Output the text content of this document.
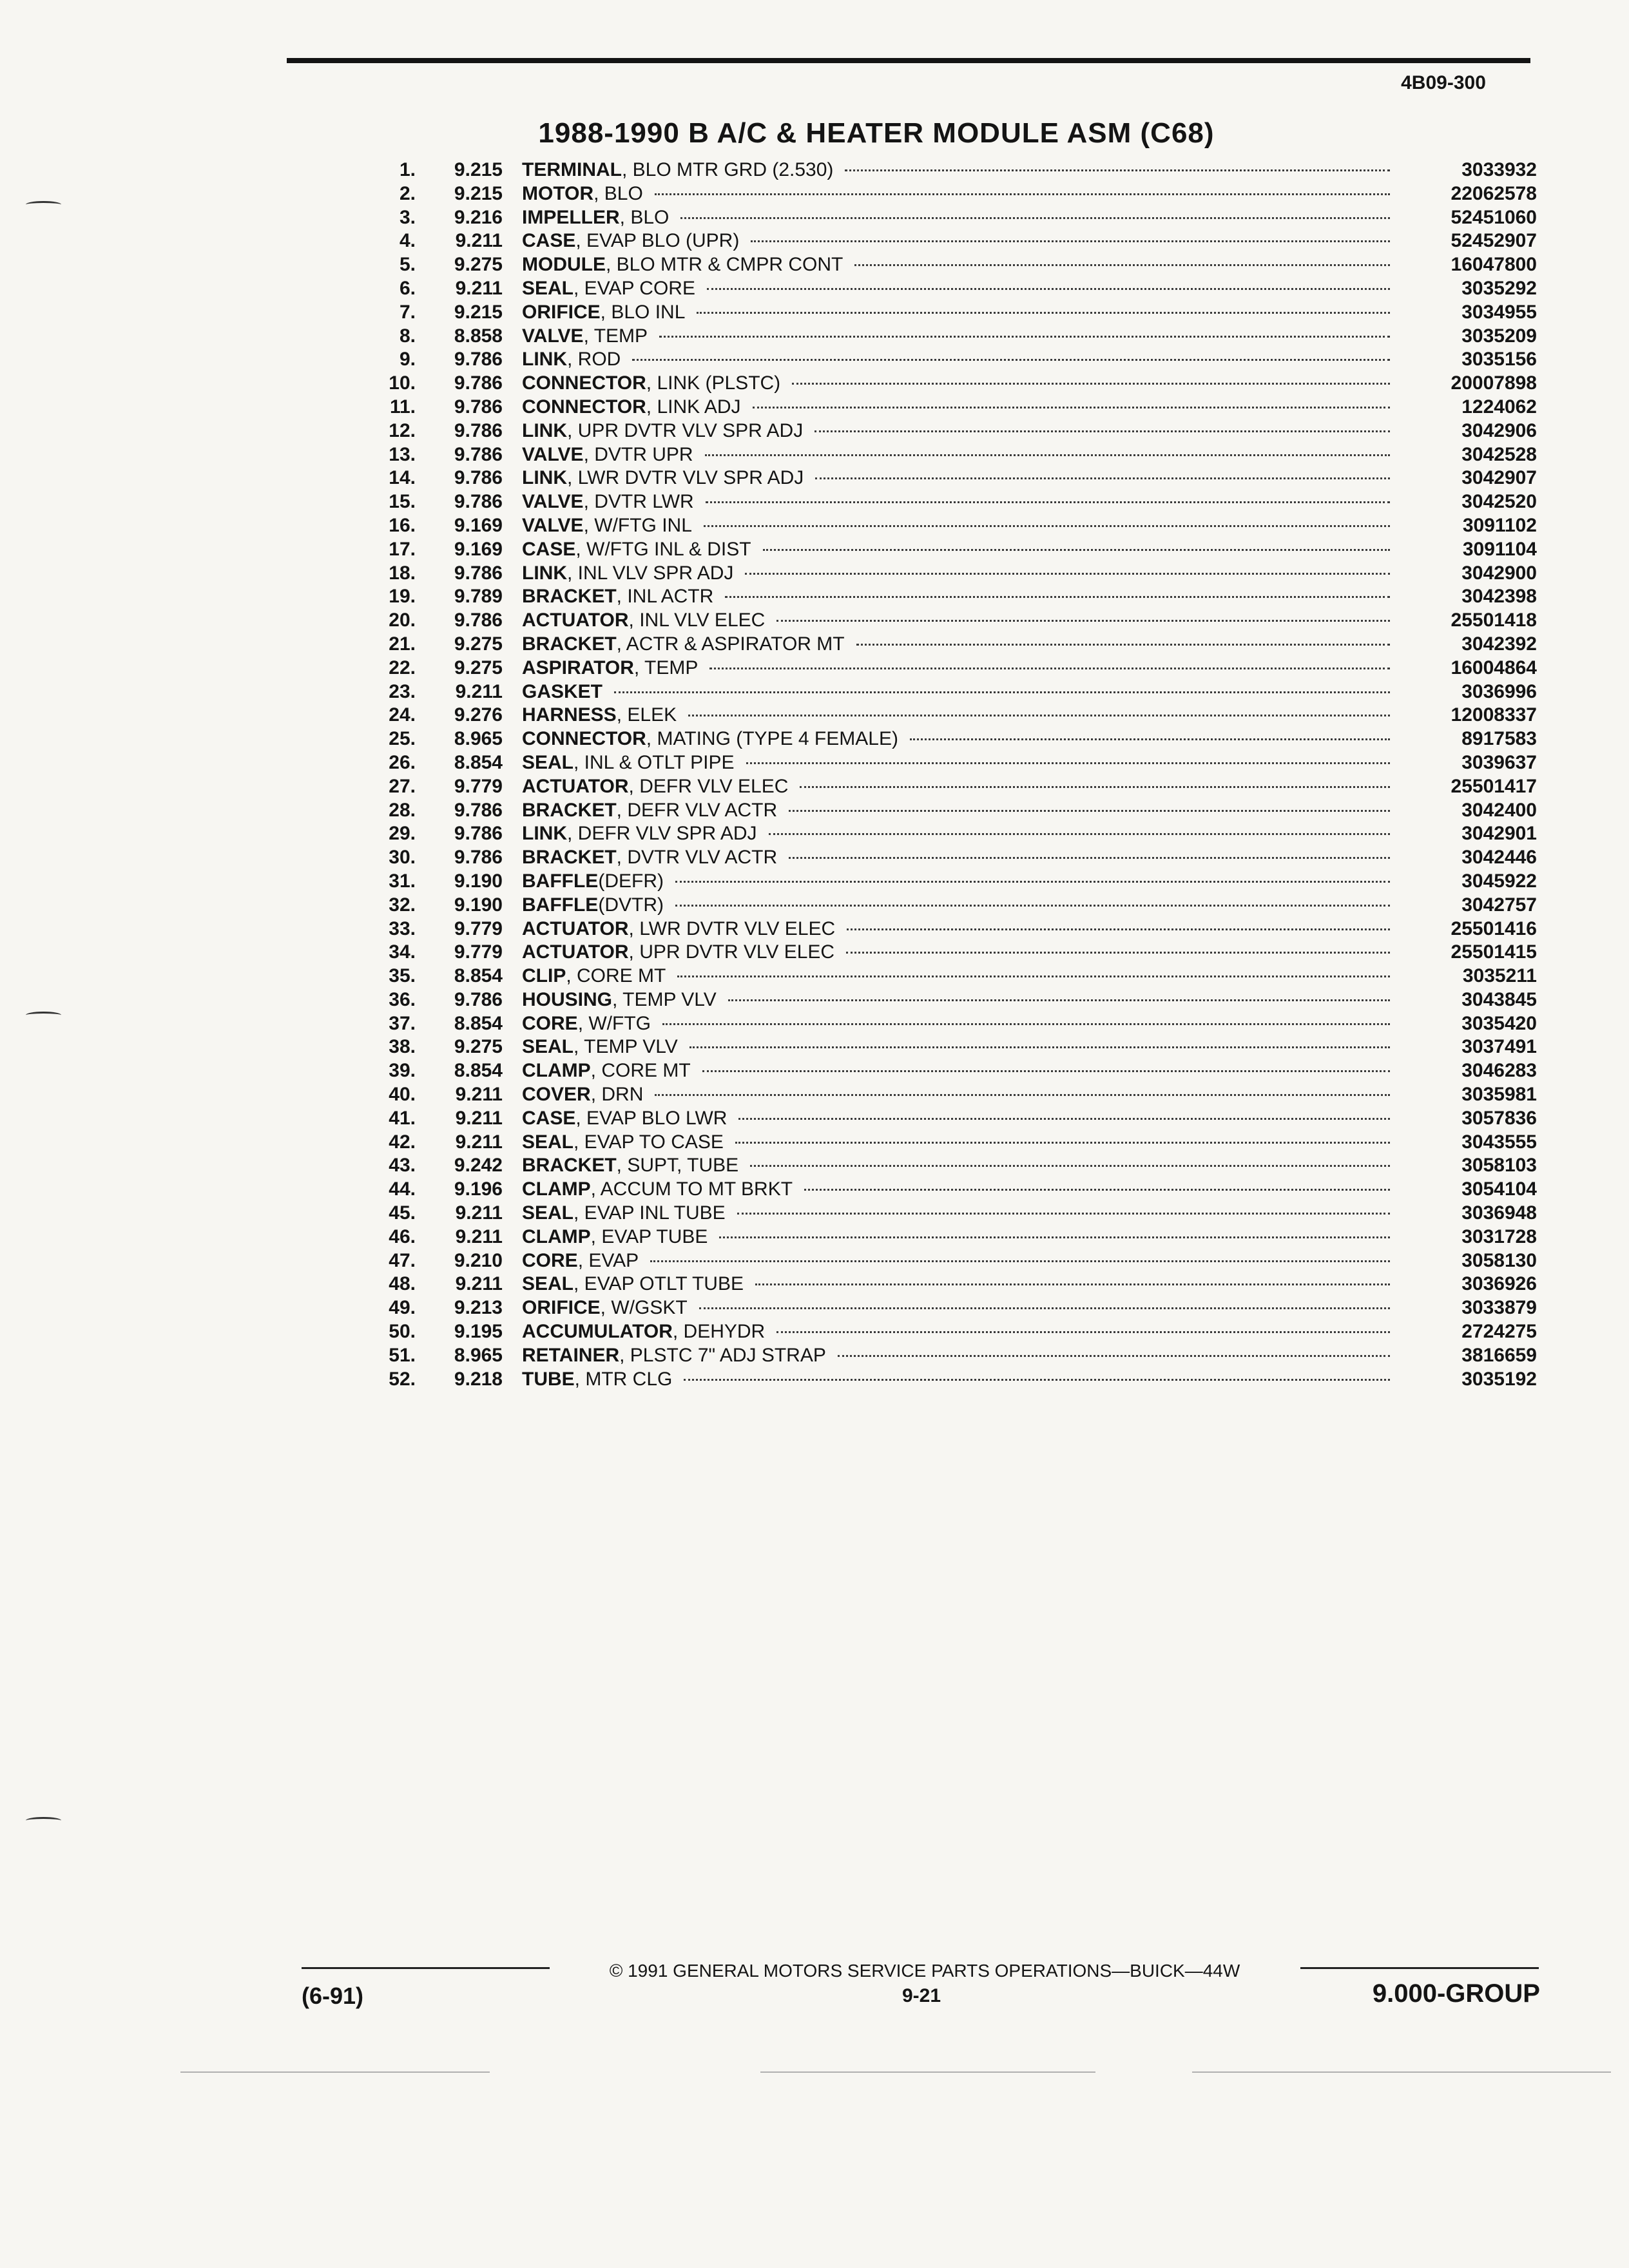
4B09-300
1988-1990 B A/C & HEATER MODULE ASM (C68)
1.	9.215 TERMINAL , BLO MTR GRD (2.530)	3033932
2.	9.215 MOTOR , BLO	22062578
3.	9.216 IMPELLER , BLO	52451060
4.	9.211 CASE , EVAP BLO (UPR)	52452907
5.	9.275 MODULE , BLO MTR & CMPR CONT	16047800
6.	9.211 SEAL , EVAP CORE	3035292
7.	9.215 ORIFICE , BLO INL	3034955
8.	8.858 VALVE , TEMP	3035209
9.	9.786 LINK , ROD	3035156
10.	9.786 CONNECTOR , LINK (PLSTC)	20007898
11.	9.786 CONNECTOR , LINK ADJ	1224062
12.	9.786 LINK , UPR DVTR VLV SPR ADJ	3042906
13.	9.786 VALVE , DVTR UPR	3042528
14.	9.786 LINK , LWR DVTR VLV SPR ADJ	3042907
15.	9.786 VALVE , DVTR LWR	3042520
16.	9.169 VALVE , W/FTG INL	3091102
17.	9.169 CASE , W/FTG INL & DIST	3091104
18.	9.786 LINK , INL VLV SPR ADJ	3042900
19.	9.789 BRACKET , INL ACTR	3042398
20.	9.786 ACTUATOR , INL VLV ELEC	25501418
21.	9.275 BRACKET , ACTR & ASPIRATOR MT	3042392
22.	9.275 ASPIRATOR , TEMP	16004864
23.	9.211 GASKET	3036996
24.	9.276 HARNESS , ELEK	12008337
25.	8.965 CONNECTOR , MATING (TYPE 4 FEMALE)	8917583
26.	8.854 SEAL , INL & OTLT PIPE	3039637
27.	9.779 ACTUATOR , DEFR VLV ELEC	25501417
28.	9.786 BRACKET , DEFR VLV ACTR	3042400
29.	9.786 LINK , DEFR VLV SPR ADJ	3042901
30.	9.786 BRACKET , DVTR VLV ACTR	3042446
31.	9.190 BAFFLE (DEFR)	3045922
32.	9.190 BAFFLE (DVTR)	3042757
33.	9.779 ACTUATOR , LWR DVTR VLV ELEC	25501416
34.	9.779 ACTUATOR , UPR DVTR VLV ELEC	25501415
35.	8.854 CLIP , CORE MT	3035211
36.	9.786 HOUSING , TEMP VLV	3043845
37.	8.854 CORE , W/FTG	3035420
38.	9.275 SEAL , TEMP VLV	3037491
39.	8.854 CLAMP , CORE MT	3046283
40.	9.211 COVER , DRN	3035981
41.	9.211 CASE , EVAP BLO LWR	3057836
42.	9.211 SEAL , EVAP TO CASE	3043555
43.	9.242 BRACKET , SUPT, TUBE	3058103
44.	9.196 CLAMP , ACCUM TO MT BRKT	3054104
45.	9.211 SEAL , EVAP INL TUBE	3036948
46.	9.211 CLAMP , EVAP TUBE	3031728
47.	9.210 CORE , EVAP	3058130
48.	9.211 SEAL , EVAP OTLT TUBE	3036926
49.	9.213 ORIFICE , W/GSKT	3033879
50.	9.195 ACCUMULATOR , DEHYDR	2724275
51.	8.965 RETAINER , PLSTC 7" ADJ STRAP	3816659
52.	9.218 TUBE , MTR CLG	3035192
© 1991 GENERAL MOTORS SERVICE PARTS OPERATIONS—BUICK—44W
9-21
(6-91)	9.000-GROUP
